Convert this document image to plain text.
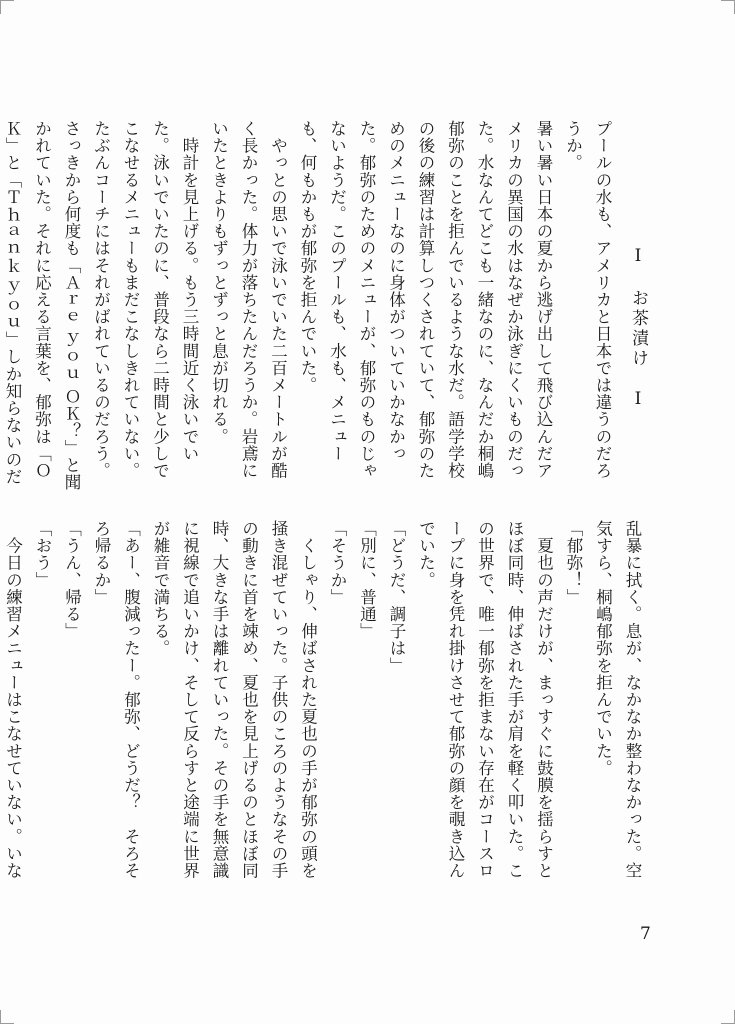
プールの水も、アメリカと日本では違うのだろうか。
暑い暑い日本の夏から逃げ出して飛び込んだアメリカの異国の水はなぜか泳ぎにくいものだった。水なんてどこも一緒なのに、なんだか桐嶋郁弥のことを拒んでいるような水だ。語学学校の後の練習は計算しつくされていて、郁弥のためのメニューなのに身体がついていかなかった。郁弥のためのメニューが、郁弥のものじゃないようだ。このプールも、水も、メニューも、何もかもが郁弥を拒んでいた。
　やっとの思いで泳いでいた二百メートルが酷く長かった。体力が落ちたんだろうか。岩鳶にいたときよりもずっとずっと息が切れる。
　時計を見上げる。もう三時間近く泳いでいた。泳いでいたのに、普段なら二時間と少しでこなせるメニューもまだこなしきれていない。たぶんコーチにはそれがばれているのだろう。さっきから何度も「Ａｒｅ ｙｏｕ ＯＫ？」と聞かれていた。それに応える言葉を、郁弥は「ＯＫ」と「Ｔｈａｎｋ ｙｏｕ」しか知らないのだ

乱暴に拭く。息が、なかなか整わなかった。空気すら、桐嶋郁弥を拒んでいた。
「郁弥！」
　夏也の声だけが、まっすぐに鼓膜を揺らすとほぼ同時、伸ばされた手が肩を軽く叩いた。この世界で、唯一郁弥を拒まない存在がコースロープに身を凭れ掛けさせて郁弥の顔を覗き込んでいた。
「どうだ、調子は」
「別に、普通」
「そうか」
　くしゃり、伸ばされた夏也の手が郁弥の頭を掻き混ぜていった。子供のころのようなその手の動きに首を竦め、夏也を見上げるのとほぼ同時、大きな手は離れていった。その手を無意識に視線で追いかけ、そして反らすと途端に世界が雑音で満ちる。
「あー、腹減ったー。郁弥、どうだ？　そろそろ帰るか」
「うん、帰る」
「おう」
　今日の練習メニューはこなせていない。いな
Ⅰ　お茶漬け　Ⅰ
7
